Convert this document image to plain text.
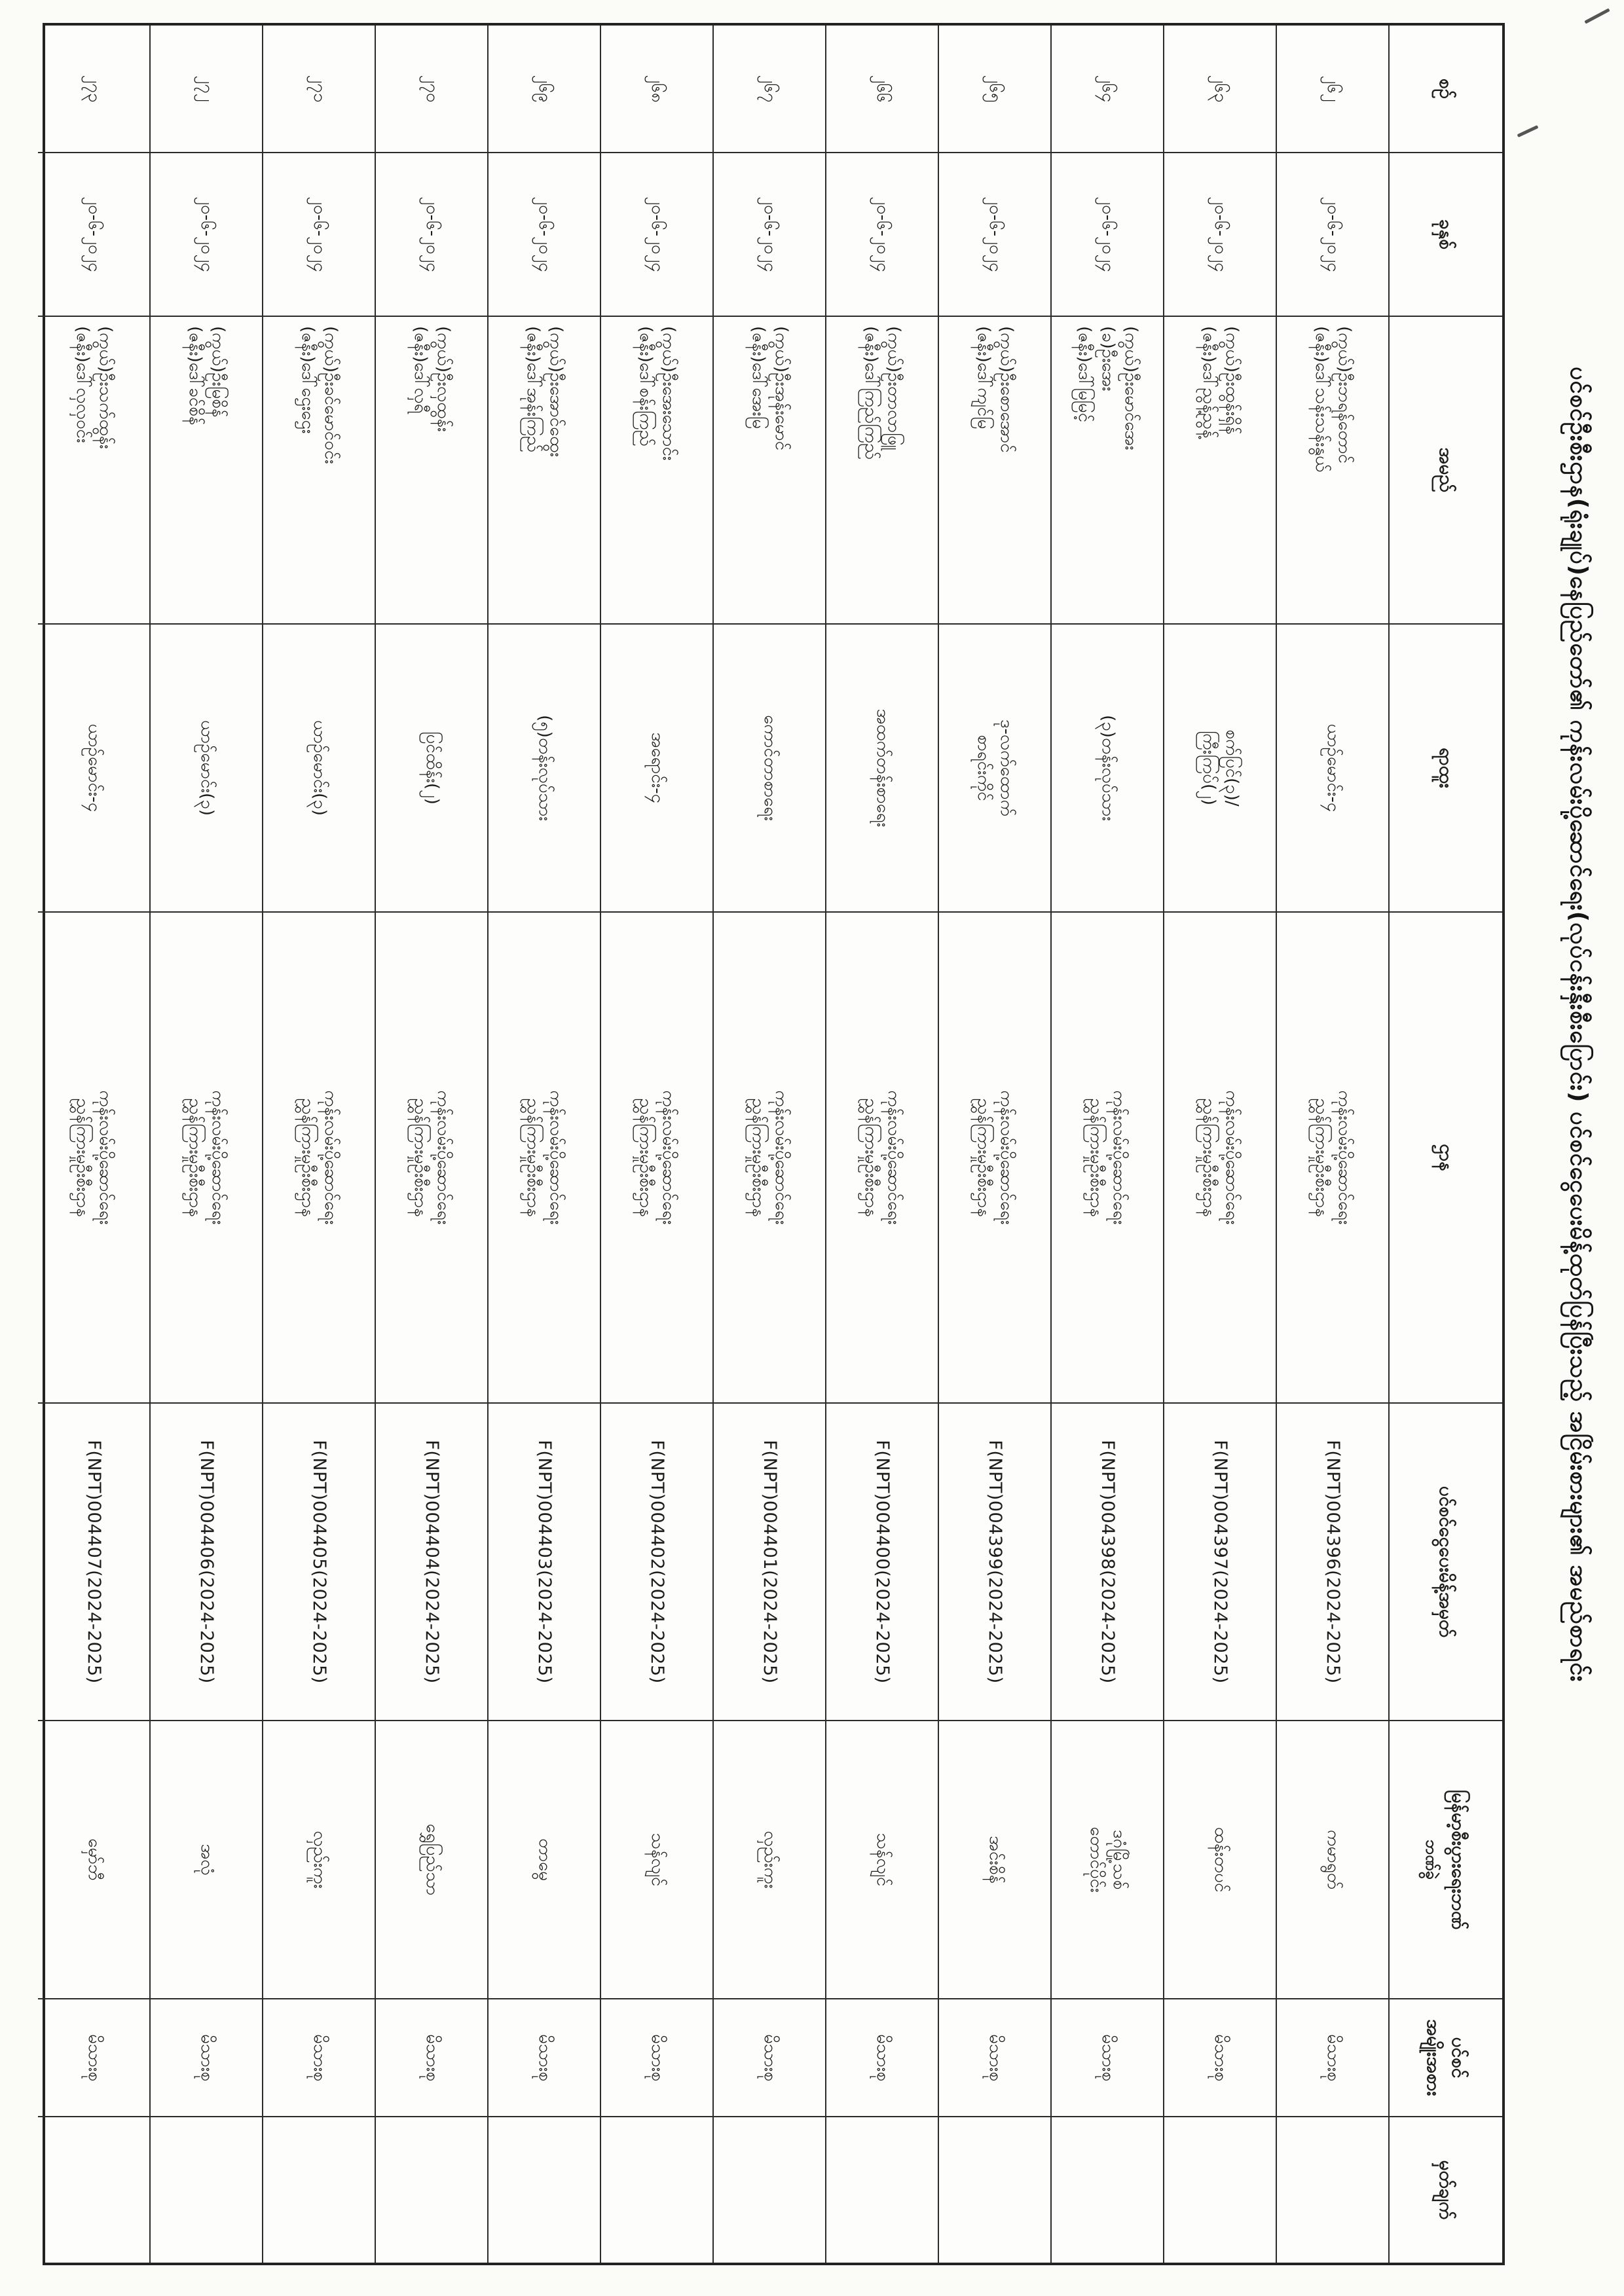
ပင်စင်ဦးစီးဌာန(ရုံးချုပ်)နေပြည်တော်၏ ကုန်းလမ်းပို့ဆောင်ရေး(လုပ်ငန်းနှီးစီးပြောင်း) ပင်စင်ငွေပေးမိန့်ထုတ်ပြန်ပြီးသည့် အငြိမ်းစားများ၏ အမည်စာရင်း
စဉ်
ခုနှစ်
အမည်
ရာထူး
ဌာန
ပင်စင်ငွေပေးမိန့်အမှတ်
မြန်မာ့စီးပွားရေးဘဏ်
ဘဏ်ခွဲ
ပင်စင်
အမျိုးအစား
မှတ်ချက်
၂၆၂
၂၀-၆-၂၀၂၄
(ကွယ်)ဦးဘရန်တောင်
(ဇနီး)ဒေါ်သန်းသန်းနွယ်
ယာဉ်မောင်း-၄
ကုန်းလမ်းပို့ဆောင်ရေး
ညွှန်ကြားမှုဦးစီးဌာန
F(NPT)004396(2024-2025)
ကမာရွတ်
မိသားစု
၂၆၃
၂၀-၆-၂၀၂၄
(ကွယ်)ဦးထွန်းရှိန်
(ဇနီး)ဒေါ်ညွန့်ညွန့်
စက်ပြင်(၃)/
ကြီးကြပ်(၂)
ကုန်းလမ်းပို့ဆောင်ရေး
ညွှန်ကြားမှုဦးစီးဌာန
F(NPT)004397(2024-2025)
ထန်းတပင်
မိသားစု
၂၆၄
၂၀-၆-၂၀၂၄
(ကွယ်)ဦးမောင်အေး
(ခ)ဦးအေး
(ဇနီး)ဒေါ်မြမြင့်
(၃)တန်းလုပ်သား
ကုန်းလမ်းပို့ဆောင်ရေး
ညွှန်ကြားမှုဦးစီးဌာန
F(NPT)004398(2024-2025)
ဒဂုံမြို့သစ်
တောင်ပိုင်း
မိသားစု
၂၆၅
၂၀-၆-၂၀၂၄
(ကွယ်)ဦးစောအောင်
(ဇနီး)ဒေါ်ကျင်မြ
ဒု-လက်ထောက်
စာရင်းကိုင်
ကုန်းလမ်းပို့ဆောင်ရေး
ညွှန်ကြားမှုဦးစီးဌာန
F(NPT)004399(2024-2025)
အင်းစိန်
မိသားစု
၂၆၆
၂၀-၆-၂၀၂၄
(ကွယ်)ဦးတာလာဖြူ
(ဇနီး)ဒေါ်ကြည်ကြည်
အထက်တန်းစာရေး
ကုန်းလမ်းပို့ဆောင်ရေး
ညွှန်ကြားမှုဦးစီးဌာန
F(NPT)004400(2024-2025)
သန်လျင်
မိသားစု
၂၆၇
၂၀-၆-၂၀၂၄
(ကွယ်)ဦးအုန်းမောင်
(ဇနီး)ဒေါ်အေးမြ
ကောင်တာစာရေး
ကုန်းလမ်းပို့ဆောင်ရေး
ညွှန်ကြားမှုဦးစီးဌာန
F(NPT)004401(2024-2025)
လှည်းကူး
မိသားစု
၂၆၈
၂၀-၆-၂၀၂၄
(ကွယ်)ဦးအေးသောင်း
(ဇနီး)ဒေါ်စန်းကြည်
အရောင်း-၄
ကုန်းလမ်းပို့ဆောင်ရေး
ညွှန်ကြားမှုဦးစီးဌာန
F(NPT)004402(2024-2025)
သန်လျင်
မိသားစု
၂၆၉
၂၀-၆-၂၀၂၄
(ကွယ်)ဦးအောင်ထွေး
(ဇနီး)ဒေါ်အုန်းကြည်
(၅)တန်းလုပ်သား
ကုန်းလမ်းပို့ဆောင်ရေး
ညွှန်ကြားမှုဦးစီးဌာန
F(NPT)004403(2024-2025)
တာမွေ
မိသားစု
၂၇၀
၂၀-၆-၂၀၂၄
(ကွယ်)ဦးလှထွန်း
(ဇနီး)ဒေါ်လှရီ
ပြင်ထိန်း(၂)
ကုန်းလမ်းပို့ဆောင်ရေး
ညွှန်ကြားမှုဦးစီးဌာန
F(NPT)004404(2024-2025)
ရွှေပြည်သာ
မိသားစု
၂၇၁
၂၀-၆-၂၀၂၄
(ကွယ်)ဦးခင်မောင်ဝင်း
(ဇနီး)ဒေါ်ဌေးဌေး
ယာဉ်မောင်း(၃)
ကုန်းလမ်းပို့ဆောင်ရေး
ညွှန်ကြားမှုဦးစီးဌာန
F(NPT)004405(2024-2025)
လှည်းကူး
မိသားစု
၂၇၂
၂၀-၆-၂၀၂၄
(ကွယ်)ဦးမြစိန်
(ဇနီး)ဒေါ်ခင်စိန်
ယာဉ်မောင်း(၃)
ကုန်းလမ်းပို့ဆောင်ရေး
ညွှန်ကြားမှုဦးစီးဌာန
F(NPT)004406(2024-2025)
အလုံ
မိသားစု
၂၇၃
၂၀-၆-၂၀၂၄
(ကွယ်)ဦးသက်ထွန်း
(ဇနီး)ဒေါ်လှလှဝင်း
ယာဉ်မောင်း-၄
ကုန်းလမ်းပို့ဆောင်ရေး
ညွှန်ကြားမှုဦးစီးဌာန
F(NPT)004407(2024-2025)
မှော်ဘီ
မိသားစု
